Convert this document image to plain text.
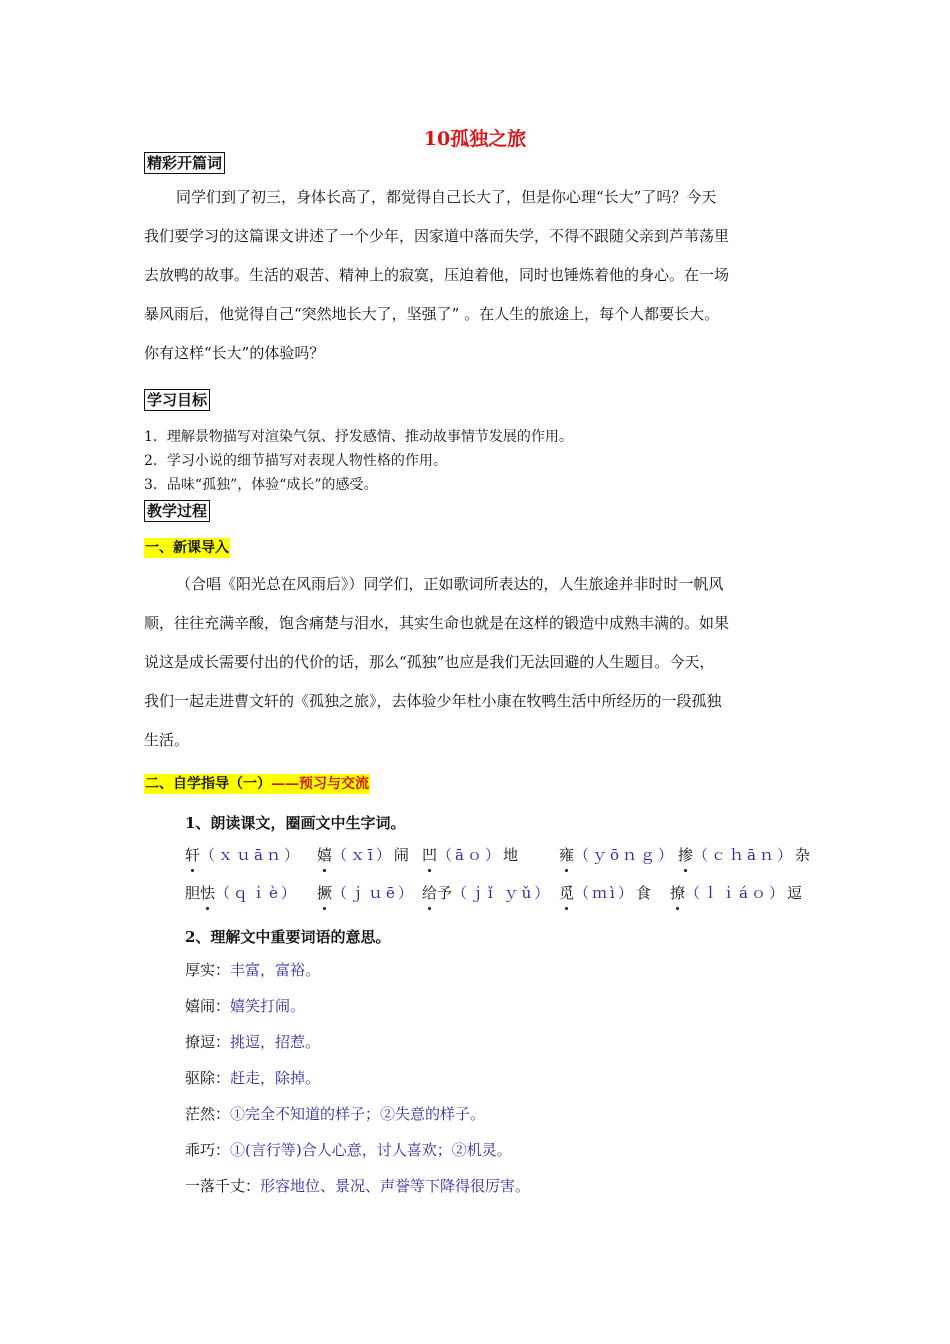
10孤独之旅
精彩开篇词
同学们到了初三，身体长高了，都觉得自己长大了，但是你心理“长大”了吗？今天
我们要学习的这篇课文讲述了一个少年，因家道中落而失学，不得不跟随父亲到芦苇荡里
去放鸭的故事。生活的艰苦、精神上的寂寞，压迫着他，同时也锤炼着他的身心。在一场
暴风雨后，他觉得自己“突然地长大了，坚强了” 。在人生的旅途上，每个人都要长大。
你有这样“长大”的体验吗？
学习目标
1．理解景物描写对渲染气氛、抒发感情、推动故事情节发展的作用。
2．学习小说的细节描写对表现人物性格的作用。
3．品味“孤独”，体验“成长”的感受。
教学过程
一、新课导入
（合唱《阳光总在风雨后》）同学们，正如歌词所表达的，人生旅途并非时时一帆风
顺，往往充满辛酸，饱含痛楚与泪水，其实生命也就是在这样的锻造中成熟丰满的。如果
说这是成长需要付出的代价的话，那么“孤独”也应是我们无法回避的人生题目。今天，
我们一起走进曹文轩的《孤独之旅》，去体验少年杜小康在牧鸭生活中所经历的一段孤独
生活。
二、自学指导（一）——预习与交流
1、朗读课文，圈画文中生字词。
轩（ｘｕāｎ） 嬉（ｘī）闹 凹（āｏ）地	雍（ｙōｎｇ） 掺（ｃｈāｎ）杂
胆怯（ｑｉè） 撅（ｊｕē） 给予（ｊǐ ｙǔ） 觅（ｍì）食 撩（ｌｉáｏ）逗
2、理解文中重要词语的意思。
厚实：丰富，富裕。
嬉闹：嬉笑打闹。
撩逗：挑逗，招惹。
驱除：赶走，除掉。
茫然：①完全不知道的样子；②失意的样子。
乖巧：①(言行等)合人心意，讨人喜欢；②机灵。
一落千丈：形容地位、景况、声誉等下降得很厉害。
